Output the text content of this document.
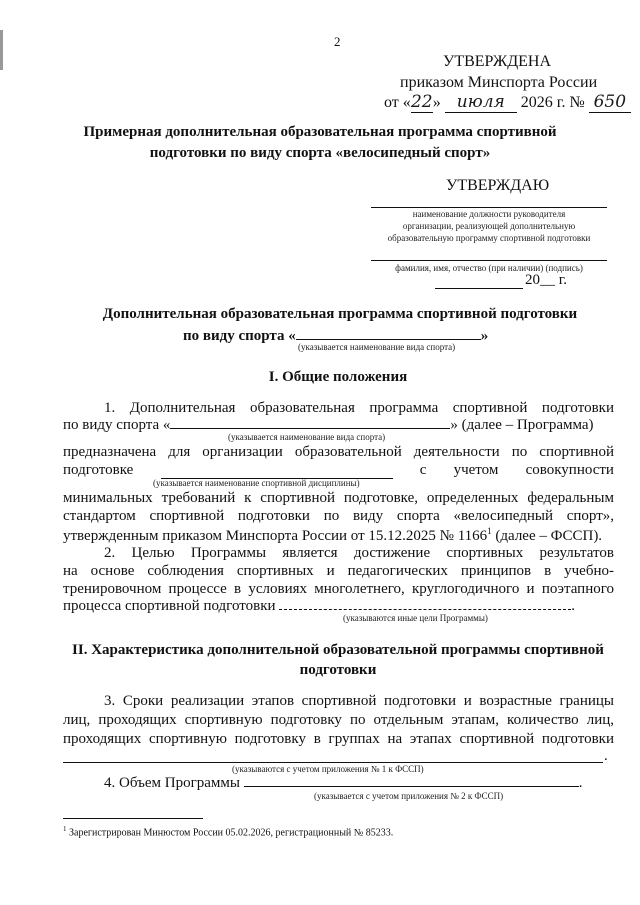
2
УТВЕРЖДЕНА
приказом Минспорта России
от «22» июля 2026 г. № 650
Примерная дополнительная образовательная программа спортивной
подготовки по виду спорта «велосипедный спорт»
УТВЕРЖДАЮ
наименование должности руководителя
организации, реализующей дополнительную
образовательную программу спортивной подготовки
фамилия, имя, отчество (при наличии) (подпись)
20__ г.
Дополнительная образовательная программа спортивной подготовки
по виду спорта «	»
(указывается наименование вида спорта)
I. Общие положения
1. Дополнительная образовательная программа спортивной подготовки
по виду спорта «	» (далее – Программа)
(указывается наименование вида спорта)
предназначена для организации образовательной деятельности по спортивной
подготовке	с учетом совокупности
(указывается наименование спортивной дисциплины)
минимальных требований к спортивной подготовке, определенных федеральным
стандартом спортивной подготовки по виду спорта «велосипедный спорт»,
утвержденным приказом Минспорта России от 15.12.2025 № 1166$^1$ (далее – ФССП).
2. Целью Программы является достижение спортивных результатов
на основе соблюдения спортивных и педагогических принципов в учебно-
тренировочном процессе в условиях многолетнего, круглогодичного и поэтапного
процесса спортивной подготовки	.
(указываются иные цели Программы)
II. Характеристика дополнительной образовательной программы спортивной
подготовки
3. Сроки реализации этапов спортивной подготовки и возрастные границы
лиц, проходящих спортивную подготовку по отдельным этапам, количество лиц,
проходящих спортивную подготовку в группах на этапах спортивной подготовки
.
(указываются с учетом приложения № 1 к ФССП)
4. Объем Программы	.
(указывается с учетом приложения № 2 к ФССП)
$^1$ Зарегистрирован Минюстом России 05.02.2026, регистрационный № 85233.
